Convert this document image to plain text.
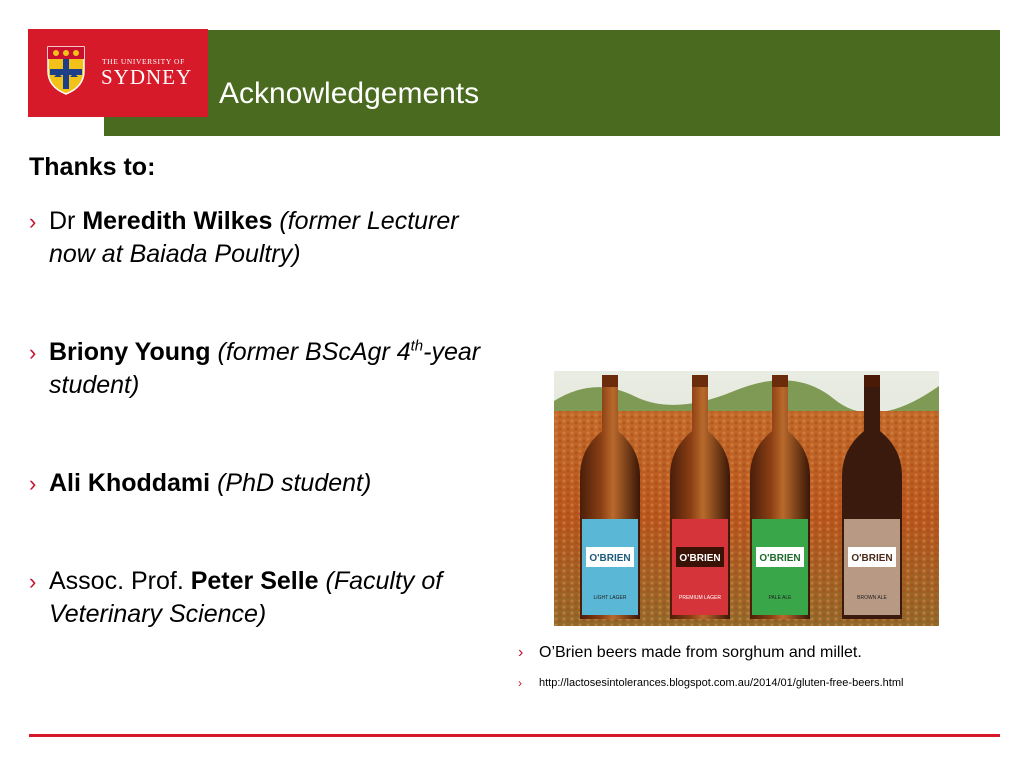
THE UNIVERSITY OF
SYDNEY Acknowledgements
Thanks to:
› Dr Meredith Wilkes (former Lecturer now at Baiada Poultry)
› Briony Young (former BScAgr 4th-year student)
› Ali Khoddami (PhD student)
› Assoc. Prof. Peter Selle (Faculty of Veterinary Science)
O'BRIEN	O'BRIEN	O'BRIEN	O'BRIEN
LIGHT LAGER	PREMIUM LAGER	PALE ALE	BROWN ALE
› O’Brien beers made from sorghum and millet.
› http://lactosesintolerances.blogspot.com.au/2014/01/gluten-free-beers.html
